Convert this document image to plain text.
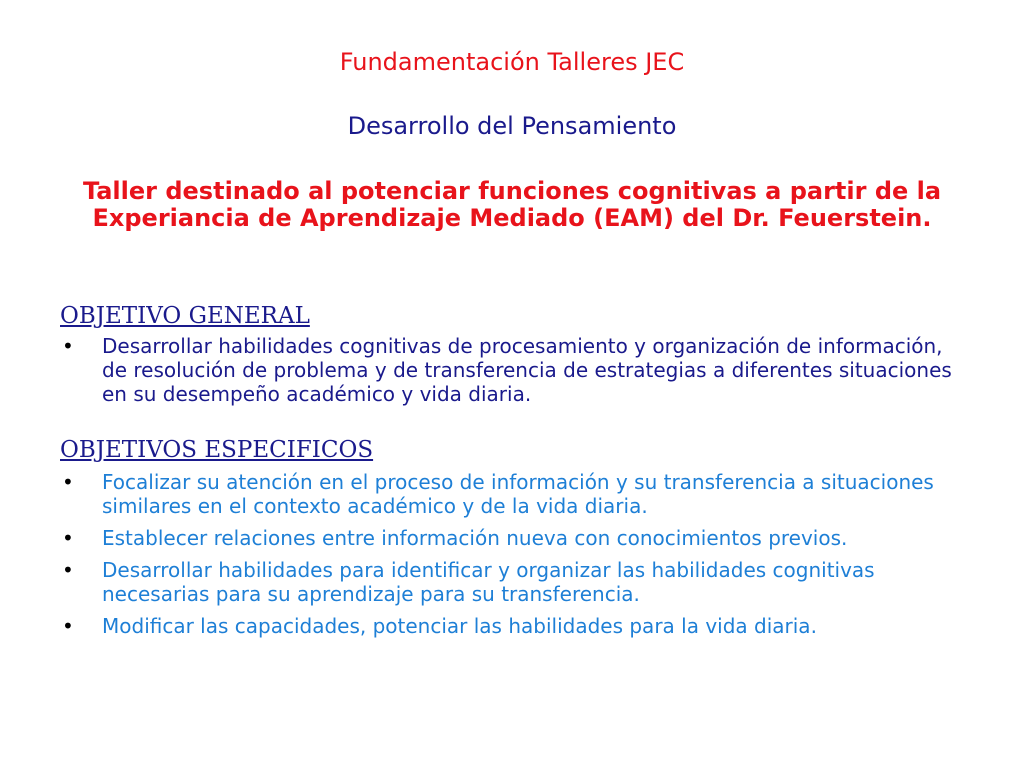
Fundamentación Talleres JEC
Desarrollo del Pensamiento
Taller destinado al potenciar funciones cognitivas a partir de la Experiancia de Aprendizaje Mediado (EAM) del Dr. Feuerstein.
OBJETIVO GENERAL
• Desarrollar habilidades cognitivas de procesamiento y organización de información, de resolución de problema y de transferencia de estrategias a diferentes situaciones en su desempeño académico y vida diaria.
OBJETIVOS ESPECIFICOS
• Focalizar su atención en el proceso de información y su transferencia a situaciones similares en el contexto académico y de la vida diaria.
• Establecer relaciones entre información nueva con conocimientos previos.
• Desarrollar habilidades para identificar y organizar las habilidades cognitivas necesarias para su aprendizaje para su transferencia.
• Modificar las capacidades, potenciar las habilidades para la vida diaria.
